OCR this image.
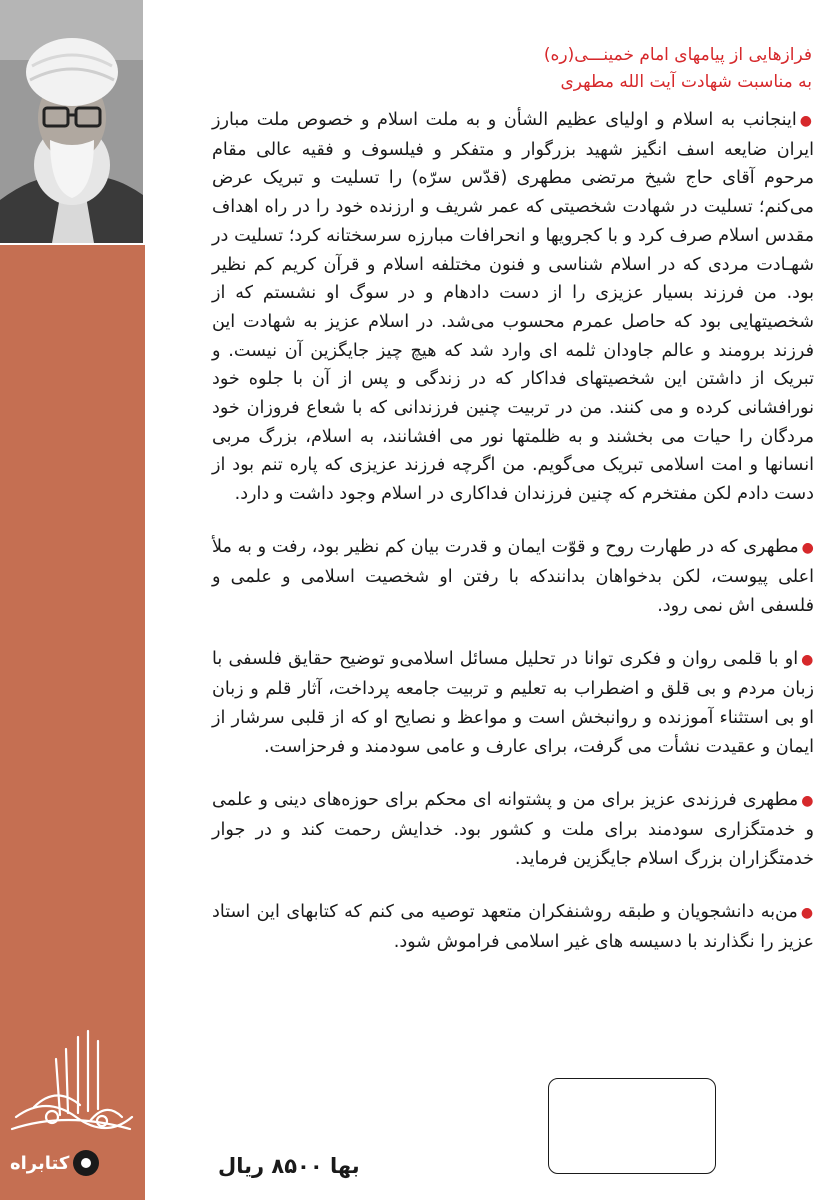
کتابراه
فرازهایی از پیامهای امام خمینـــی(ره)
به مناسبت شهادت آیت الله مطهری

●اینجانب به اسلام و اولیای عظیم الشأن و به ملت اسلام و خصوص ملت مبارز ایران ضایعه اسف انگیز شهید بزرگوار و متفکر و فیلسوف و فقیه عالی مقام مرحوم آقای حاج شیخ مرتضی مطهری (قدّس سرّه) را تسلیت و تبریک عرض می‌کنم؛ تسلیت در شهادت شخصیتی که عمر شریف و ارزنده خود را در راه اهداف مقدس اسلام صرف کرد و با کجرویها و انحرافات مبارزه سرسختانه کرد؛ تسلیت در شهـادت مردی که در اسلام شناسی و فنون مختلفه اسلام و قرآن کریم کم نظیر بود. من فرزند بسیار عزیزی را از دست دادهام و در سوگ او نشستم که از شخصیتهایی بود که حاصل عمرم محسوب می‌شد. در اسلام عزیز به شهادت این فرزند برومند و عالم جاودان ثلمه ای وارد شد که هیچ چیز جایگزین آن نیست. و تبریک از داشتن این شخصیتهای فداکار که در زندگی و پس از آن با جلوه خود نورافشانی کرده و می کنند. من در تربیت چنین فرزندانی که با شعاع فروزان خود مردگان را حیات می بخشند و به ظلمتها نور می افشانند، به اسلام، بزرگ مربی انسانها و امت اسلامی تبریک می‌گویم. من اگرچه فرزند عزیزی که پاره تنم بود از دست دادم لکن مفتخرم که چنین فرزندان فداکاری در اسلام وجود داشت و دارد.

●مطهری که در طهارت روح و قوّت ایمان و قدرت بیان کم نظیر بود، رفت و به ملأ اعلی پیوست، لکن بدخواهان بدانندکه با رفتن او شخصیت اسلامی و علمی و فلسفی اش نمی رود.

●او با قلمی روان و فکری توانا در تحلیل مسائل اسلامی‌و توضیح حقایق فلسفی با زبان مردم و بی قلق و اضطراب به تعلیم و تربیت جامعه پرداخت، آثار قلم و زبان او بی استثناء آموزنده و روانبخش است و مواعظ و نصایح او که از قلبی سرشار از ایمان و عقیدت نشأت می گرفت، برای عارف و عامی سودمند و فرحزاست.

●مطهری فرزندی عزیز برای من و پشتوانه ای محکم برای حوزه‌های دینی و علمی و خدمتگزاری سودمند برای ملت و کشور بود. خدایش رحمت کند و در جوار خدمتگزاران بزرگ اسلام جایگزین فرماید.

●من‌به دانشجویان و طبقه روشنفکران متعهد توصیه می کنم که کتابهای این استاد عزیز را نگذارند با دسیسه های غیر اسلامی فراموش شود.

بها ۸۵۰۰ ریال
